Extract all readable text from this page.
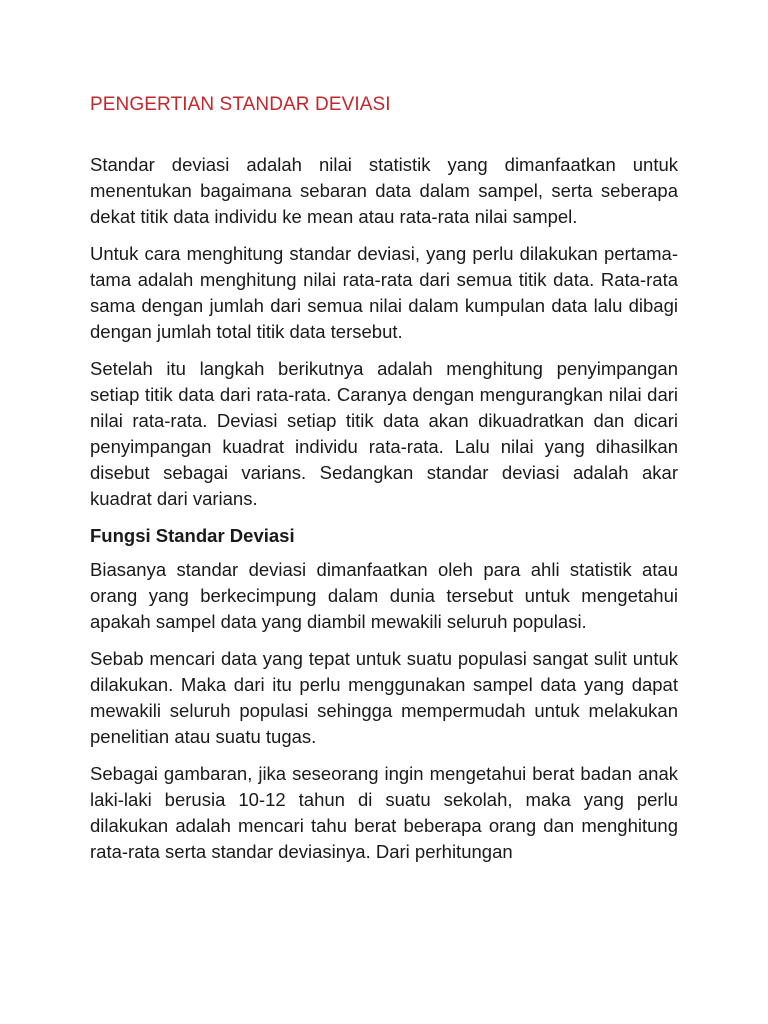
PENGERTIAN STANDAR DEVIASI

Standar deviasi adalah nilai statistik yang dimanfaatkan untuk menentukan bagaimana sebaran data dalam sampel, serta seberapa dekat titik data individu ke mean atau rata-rata nilai sampel.

Untuk cara menghitung standar deviasi, yang perlu dilakukan pertama-tama adalah menghitung nilai rata-rata dari semua titik data. Rata-rata sama dengan jumlah dari semua nilai dalam kumpulan data lalu dibagi dengan jumlah total titik data tersebut.

Setelah itu langkah berikutnya adalah menghitung penyimpangan setiap titik data dari rata-rata. Caranya dengan mengurangkan nilai dari nilai rata-rata. Deviasi setiap titik data akan dikuadratkan dan dicari penyimpangan kuadrat individu rata-rata. Lalu nilai yang dihasilkan disebut sebagai varians. Sedangkan standar deviasi adalah akar kuadrat dari varians.

Fungsi Standar Deviasi

Biasanya standar deviasi dimanfaatkan oleh para ahli statistik atau orang yang berkecimpung dalam dunia tersebut untuk mengetahui apakah sampel data yang diambil mewakili seluruh populasi.

Sebab mencari data yang tepat untuk suatu populasi sangat sulit untuk dilakukan. Maka dari itu perlu menggunakan sampel data yang dapat mewakili seluruh populasi sehingga mempermudah untuk melakukan penelitian atau suatu tugas.

Sebagai gambaran, jika seseorang ingin mengetahui berat badan anak laki-laki berusia 10-12 tahun di suatu sekolah, maka yang perlu dilakukan adalah mencari tahu berat beberapa orang dan menghitung rata-rata serta standar deviasinya. Dari perhitungan
